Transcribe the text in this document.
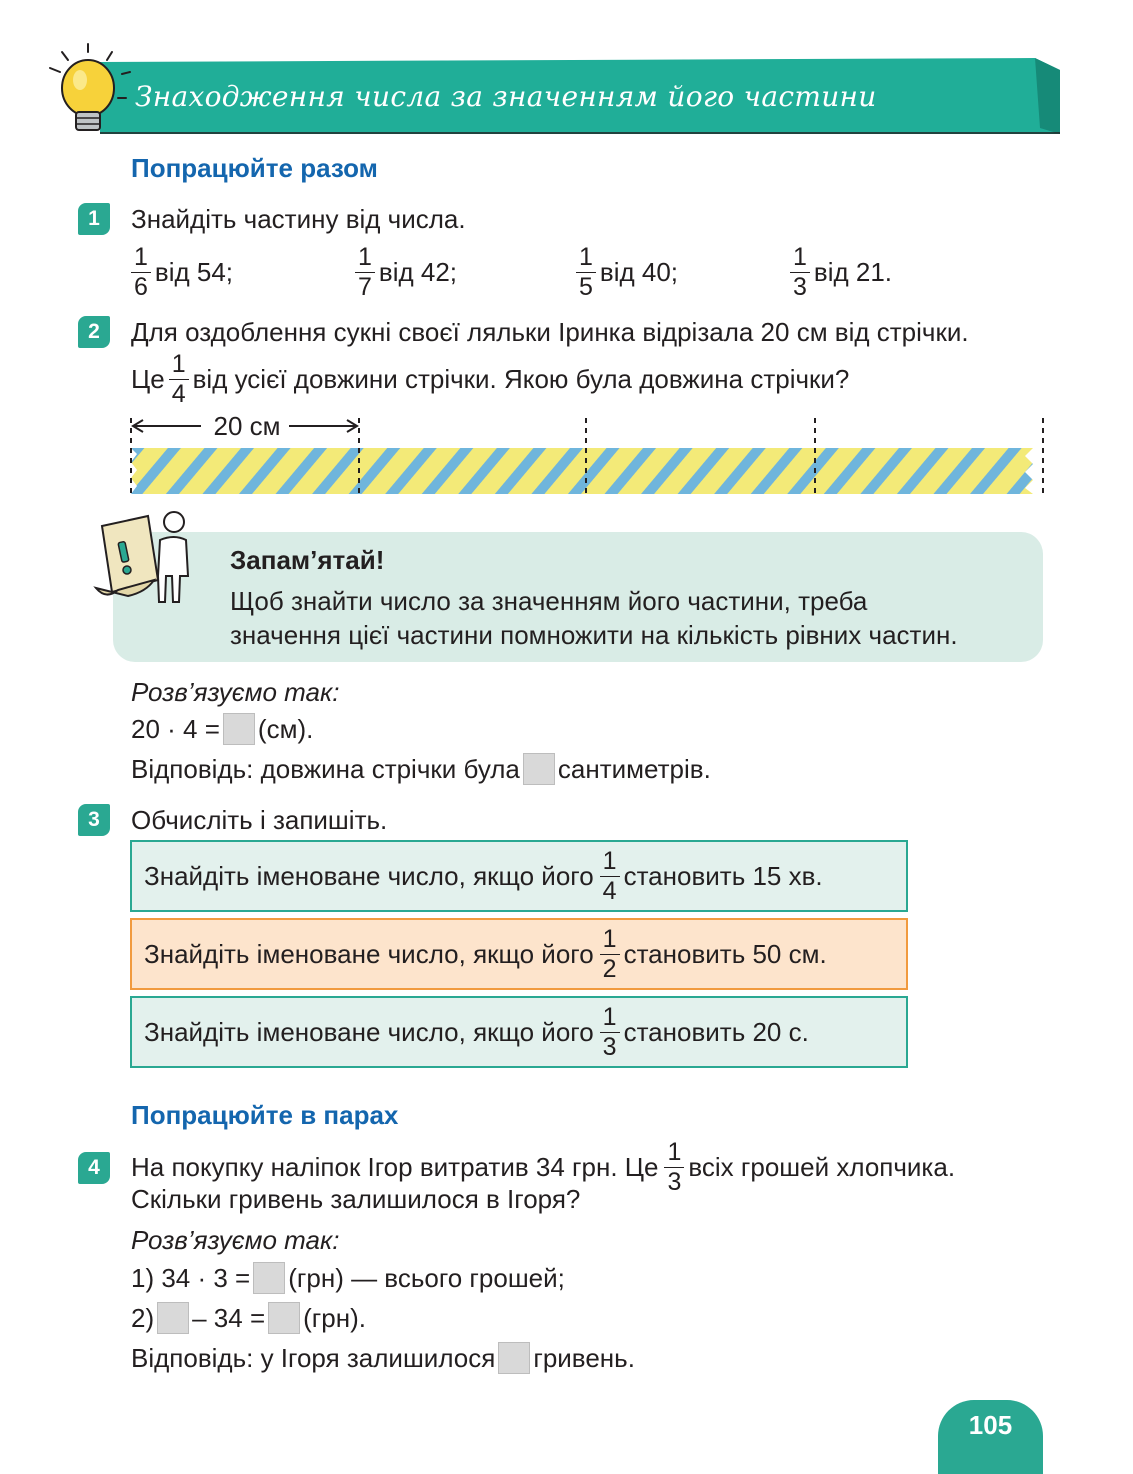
Знаходження числа за значенням його частини
Попрацюйте разом
1	Знайдіть частину від числа.
$\frac{1}{6}$ від 54;	$\frac{1}{7}$ від 42;	$\frac{1}{5}$ від 40;	$\frac{1}{3}$ від 21.
2	Для оздоблення сукні своєї ляльки Іринка відрізала 20 см від стрічки.
Це $\frac{1}{4}$ від усієї довжини стрічки. Якою була довжина стрічки?
20 см
Запам’ятай!
Щоб знайти число за значенням його частини, треба
значення цієї частини помножити на кількість рівних частин.
Розв’язуємо так:
20 · 4 = (см).
Відповідь: довжина стрічки була сантиметрів.
3	Обчисліть і запишіть.
Знайдіть іменоване число, якщо його $\frac{1}{4}$ становить 15 хв.
Знайдіть іменоване число, якщо його $\frac{1}{2}$ становить 50 см.
Знайдіть іменоване число, якщо його $\frac{1}{3}$ становить 20 с.
Попрацюйте в парах
4	На покупку наліпок Ігор витратив 34 грн. Це $\frac{1}{3}$ всіх грошей хлопчика.
Скільки гривень залишилося в Ігоря?
Розв’язуємо так:
1) 34 · 3 = (грн) — всього грошей;
2) – 34 = (грн).
Відповідь: у Ігоря залишилося гривень.
105
